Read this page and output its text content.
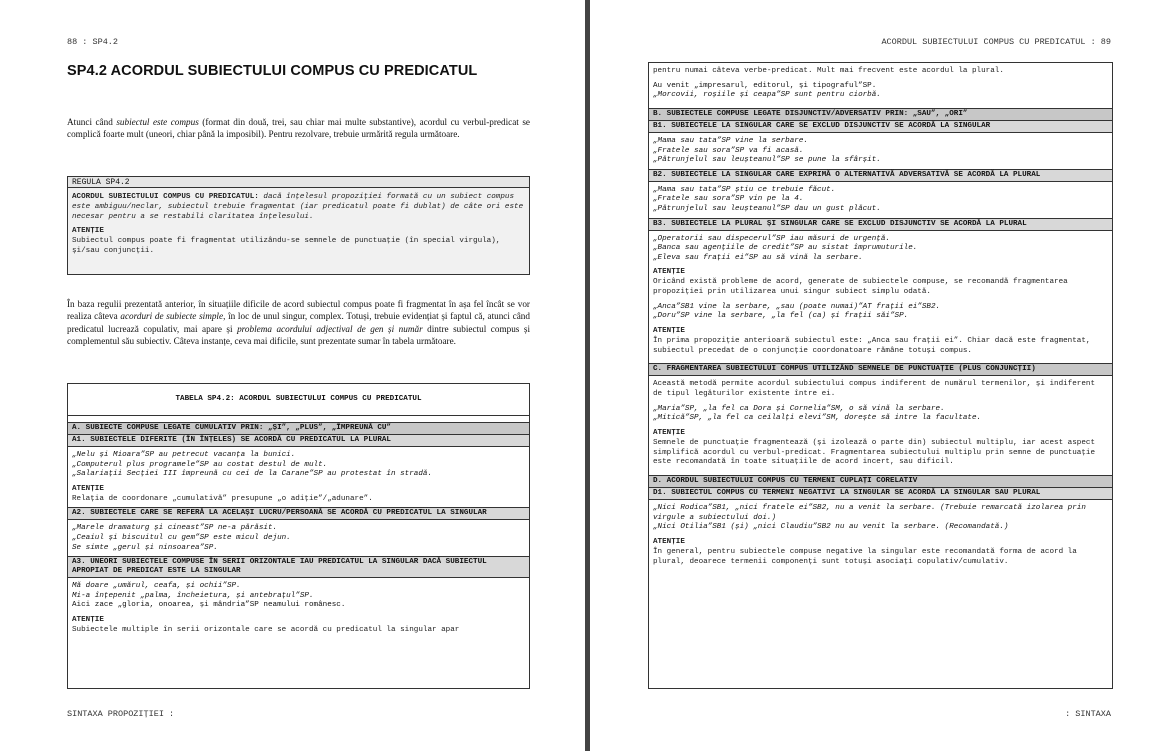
88 : SP4.2
SP4.2 ACORDUL SUBIECTULUI COMPUS CU PREDICATUL
Atunci când subiectul este compus (format din două, trei, sau chiar mai multe substantive), acordul cu verbul-predicat se complică foarte mult (uneori, chiar până la imposibil). Pentru rezolvare, trebuie urmărită regula următoare.
REGULA SP4.2
ACORDUL SUBIECTULUI COMPUS CU PREDICATUL: dacă înțelesul propoziției formată cu un subiect compus este ambiguu/neclar, subiectul trebuie fragmentat (iar predicatul poate fi dublat) de câte ori este necesar pentru a se restabili claritatea înțelesului.
ATENȚIE
Subiectul compus poate fi fragmentat utilizându-se semnele de punctuație (în special virgula), și/sau conjuncții.
În baza regulii prezentată anterior, în situațiile dificile de acord subiectul compus poate fi fragmentat în așa fel încât se vor realiza câteva acorduri de subiecte simple, în loc de unul singur, complex. Totuși, trebuie evidențiat și faptul că, atunci când predicatul lucrează copulativ, mai apare și problema acordului adjectival de gen și număr dintre subiectul compus și complementul său subiectiv. Câteva instanțe, ceva mai dificile, sunt prezentate sumar în tabela următoare.
TABELA SP4.2: ACORDUL SUBIECTULUI COMPUS CU PREDICATUL
A. SUBIECTE COMPUSE LEGATE CUMULATIV PRIN: „ȘI”, „PLUS”, „ÎMPREUNĂ CU”
A1. SUBIECTELE DIFERITE (ÎN ÎNȚELES) SE ACORDĂ CU PREDICATUL LA PLURAL
„Nelu și Mioara”SP au petrecut vacanța la bunici.
„Computerul plus programele”SP au costat destul de mult.
„Salariații Secției III împreună cu cei de la Carane”SP au protestat în stradă.
ATENȚIE
Relația de coordonare „cumulativă” presupune „o adiție”/„adunare”.
A2. SUBIECTELE CARE SE REFERĂ LA ACELAȘI LUCRU/PERSOANĂ SE ACORDĂ CU PREDICATUL LA SINGULAR
„Marele dramaturg și cineast”SP ne-a părăsit.
„Ceaiul și biscuitul cu gem”SP este micul dejun.
Se simte „gerul și ninsoarea”SP.
A3. UNEORI SUBIECTELE COMPUSE ÎN SERII ORIZONTALE IAU PREDICATUL LA SINGULAR DACĂ SUBIECTUL APROPIAT DE PREDICAT ESTE LA SINGULAR
Mă doare „umărul, ceafa, și ochii”SP.
Mi-a înțepenit „palma, încheietura, și antebrațul”SP.
Aici zace „gloria, onoarea, și mândria”SP neamului românesc.
ATENȚIE
Subiectele multiple în serii orizontale care se acordă cu predicatul la singular apar
SINTAXA PROPOZIȚIEI :
ACORDUL SUBIECTULUI COMPUS CU PREDICATUL : 89
pentru numai câteva verbe-predicat. Mult mai frecvent este acordul la plural.
Au venit „impresarul, editorul, și tipograful”SP.
„Morcovii, roșiile și ceapa”SP sunt pentru ciorbă.
B. SUBIECTELE COMPUSE LEGATE DISJUNCTIV/ADVERSATIV PRIN: „SAU”, „ORI”
B1. SUBIECTELE LA SINGULAR CARE SE EXCLUD DISJUNCTIV SE ACORDĂ LA SINGULAR
„Mama sau tata”SP vine la serbare.
„Fratele sau sora”SP va fi acasă.
„Pătrunjelul sau leușteanul”SP se pune la sfârșit.
B2. SUBIECTELE LA SINGULAR CARE EXPRIMĂ O ALTERNATIVĂ ADVERSATIVĂ SE ACORDĂ LA PLURAL
„Mama sau tata”SP știu ce trebuie făcut.
„Fratele sau sora”SP vin pe la 4.
„Pătrunjelul sau leușteanul”SP dau un gust plăcut.
B3. SUBIECTELE LA PLURAL ȘI SINGULAR CARE SE EXCLUD DISJUNCTIV SE ACORDĂ LA PLURAL
„Operatorii sau dispecerul”SP iau măsuri de urgență.
„Banca sau agențiile de credit”SP au sistat împrumuturile.
„Eleva sau frații ei”SP au să vină la serbare.
ATENȚIE
Oricând există probleme de acord, generate de subiectele compuse, se recomandă fragmentarea propoziției prin utilizarea unui singur subiect simplu odată.
„Anca”SB1 vine la serbare, „sau (poate numai)”AT frații ei”SB2.
„Doru”SP vine la serbare, „la fel (ca) și frații săi”SP.
ATENȚIE
În prima propoziție anterioară subiectul este: „Anca sau frații ei”. Chiar dacă este fragmentat, subiectul precedat de o conjuncție coordonatoare rămâne totuși compus.
C. FRAGMENTAREA SUBIECTULUI COMPUS UTILIZÂND SEMNELE DE PUNCTUAȚIE (PLUS CONJUNCȚII)
Această metodă permite acordul subiectului compus indiferent de numărul termenilor, și indiferent de tipul legăturilor existente între ei.
„Maria”SP, „la fel ca Dora și Cornelia”SM, o să vină la serbare.
„Mitică”SP, „la fel ca ceilalți elevi”SM, dorește să intre la facultate.
ATENȚIE
Semnele de punctuație fragmentează (și izolează o parte din) subiectul multiplu, iar acest aspect simplifică acordul cu verbul-predicat. Fragmentarea subiectului multiplu prin semne de punctuație este recomandată în toate situațiile de acord incert, sau dificil.
D. ACORDUL SUBIECTULUI COMPUS CU TERMENI CUPLAȚI CORELATIV
D1. SUBIECTUL COMPUS CU TERMENI NEGATIVI LA SINGULAR SE ACORDĂ LA SINGULAR SAU PLURAL
„Nici Rodica”SB1, „nici fratele ei”SB2, nu a venit la serbare. (Trebuie remarcată izolarea prin virgule a subiectului doi.)
„Nici Otilia”SB1 (și) „nici Claudiu”SB2 nu au venit la serbare. (Recomandată.)
ATENȚIE
În general, pentru subiectele compuse negative la singular este recomandată forma de acord la plural, deoarece termenii componenți sunt totuși asociați copulativ/cumulativ.
: SINTAXA
